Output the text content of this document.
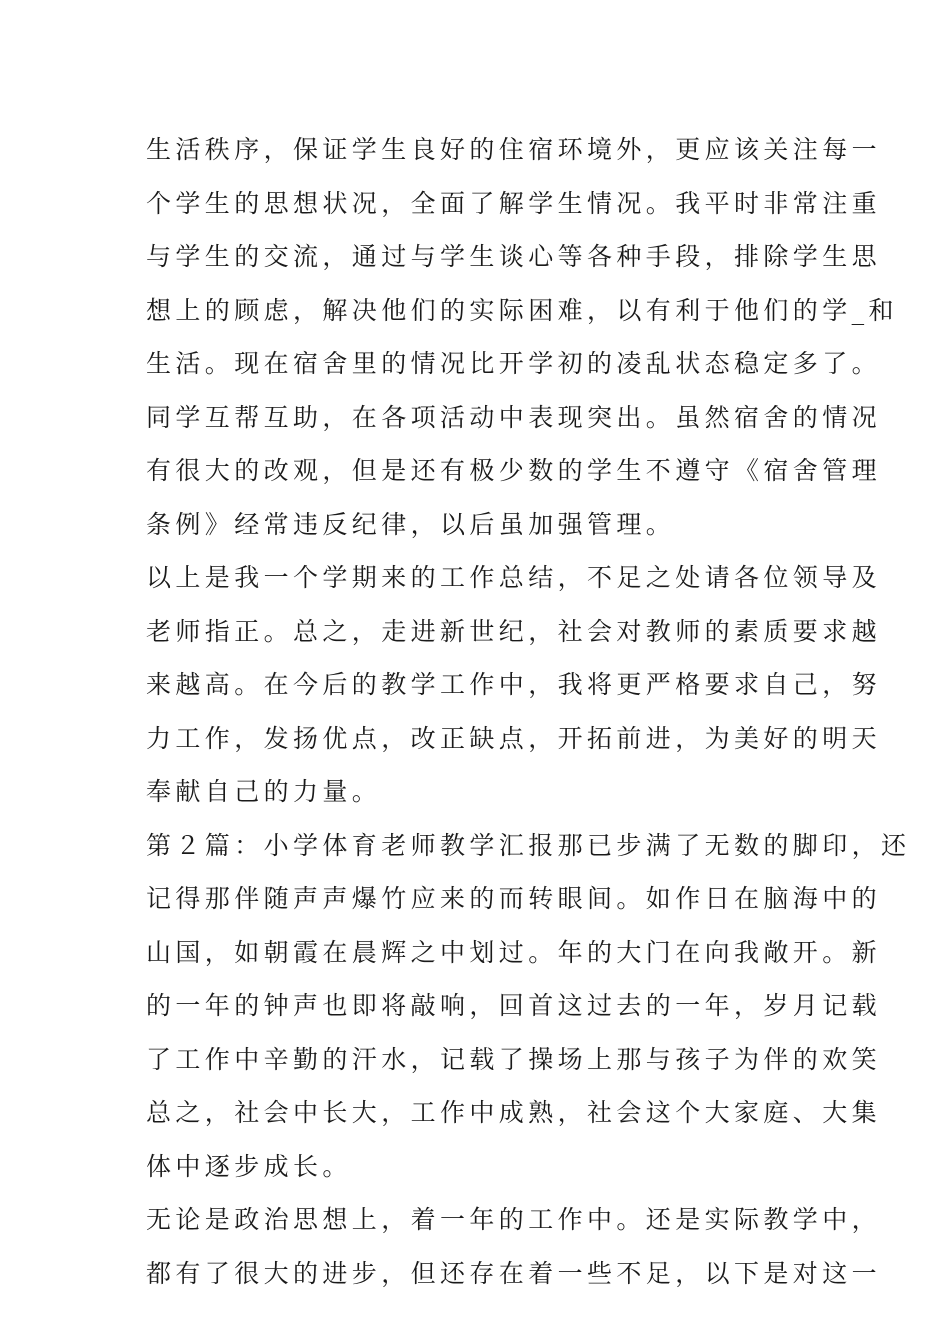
生活秩序，保证学生良好的住宿环境外，更应该关注每一
个学生的思想状况，全面了解学生情况。我平时非常注重
与学生的交流，通过与学生谈心等各种手段，排除学生思
想上的顾虑，解决他们的实际困难，以有利于他们的学_和
生活。现在宿舍里的情况比开学初的凌乱状态稳定多了。
同学互帮互助，在各项活动中表现突出。虽然宿舍的情况
有很大的改观，但是还有极少数的学生不遵守《宿舍管理
条例》经常违反纪律，以后虽加强管理。
以上是我一个学期来的工作总结，不足之处请各位领导及
老师指正。总之，走进新世纪，社会对教师的素质要求越
来越高。在今后的教学工作中，我将更严格要求自己，努
力工作，发扬优点，改正缺点，开拓前进，为美好的明天
奉献自己的力量。
第２篇：小学体育老师教学汇报那已步满了无数的脚印，还
记得那伴随声声爆竹应来的而转眼间。如作日在脑海中的
山国，如朝霞在晨辉之中划过。年的大门在向我敞开。新
的一年的钟声也即将敲响，回首这过去的一年，岁月记载
了工作中辛勤的汗水，记载了操场上那与孩子为伴的欢笑
总之，社会中长大，工作中成熟，社会这个大家庭、大集
体中逐步成长。
无论是政治思想上，着一年的工作中。还是实际教学中，
都有了很大的进步，但还存在着一些不足，以下是对这一
